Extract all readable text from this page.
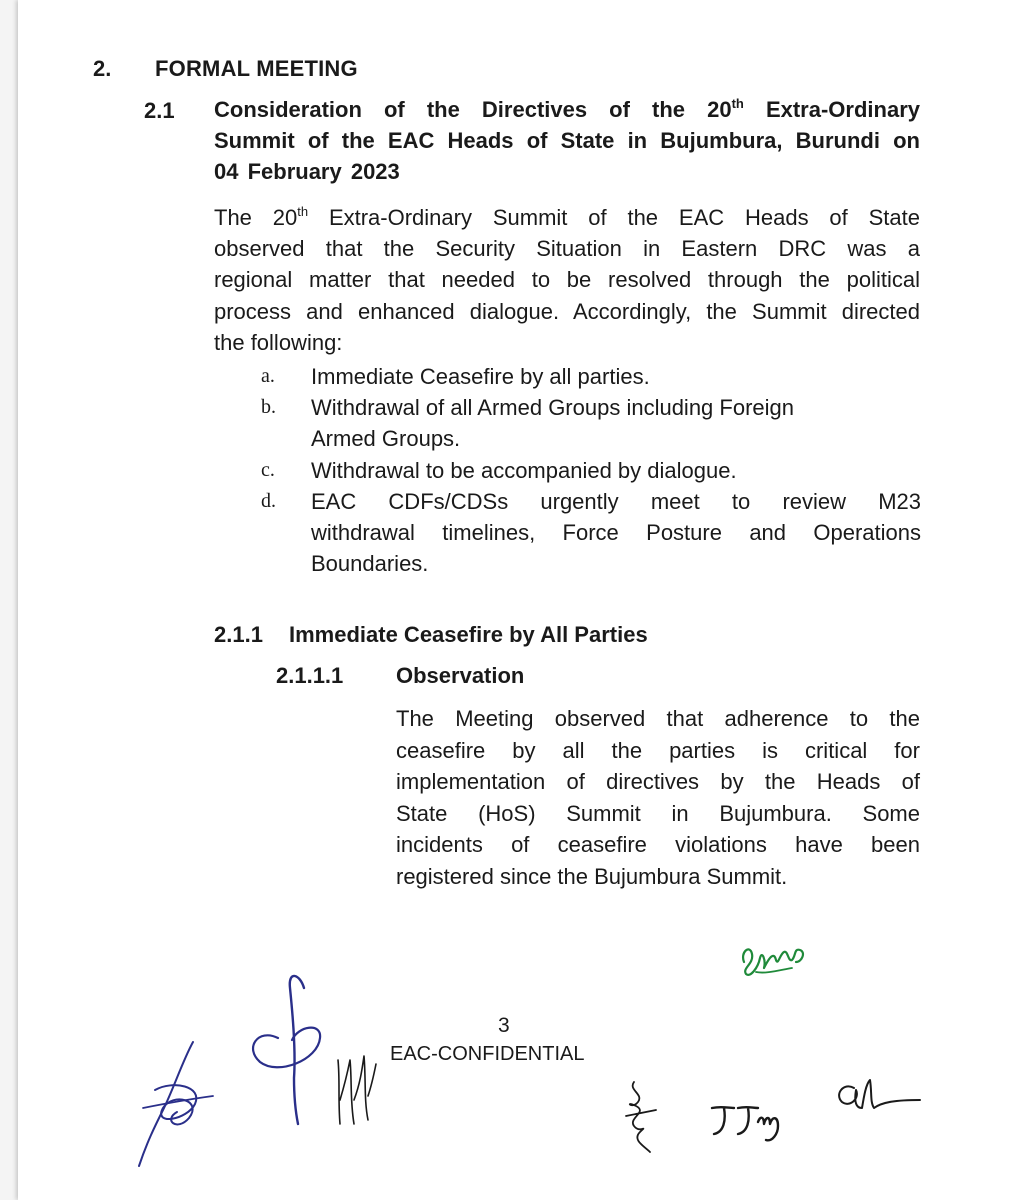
2. FORMAL MEETING
2.1 Consideration of the Directives of the 20th Extra-Ordinary
Summit of the EAC Heads of State in Bujumbura, Burundi on
04 February 2023
The 20th Extra-Ordinary Summit of the EAC Heads of State
observed that the Security Situation in Eastern DRC was a
regional matter that needed to be resolved through the political
process and enhanced dialogue. Accordingly, the Summit directed
the following:
a. Immediate Ceasefire by all parties.
b. Withdrawal of all Armed Groups including Foreign
Armed Groups.
c. Withdrawal to be accompanied by dialogue.
d. EAC CDFs/CDSs urgently meet to review M23
withdrawal timelines, Force Posture and Operations
Boundaries.
2.1.1 Immediate Ceasefire by All Parties
2.1.1.1 Observation
The Meeting observed that adherence to the
ceasefire by all the parties is critical for
implementation of directives by the Heads of
State (HoS) Summit in Bujumbura. Some
incidents of ceasefire violations have been
registered since the Bujumbura Summit.
3
EAC-CONFIDENTIAL
